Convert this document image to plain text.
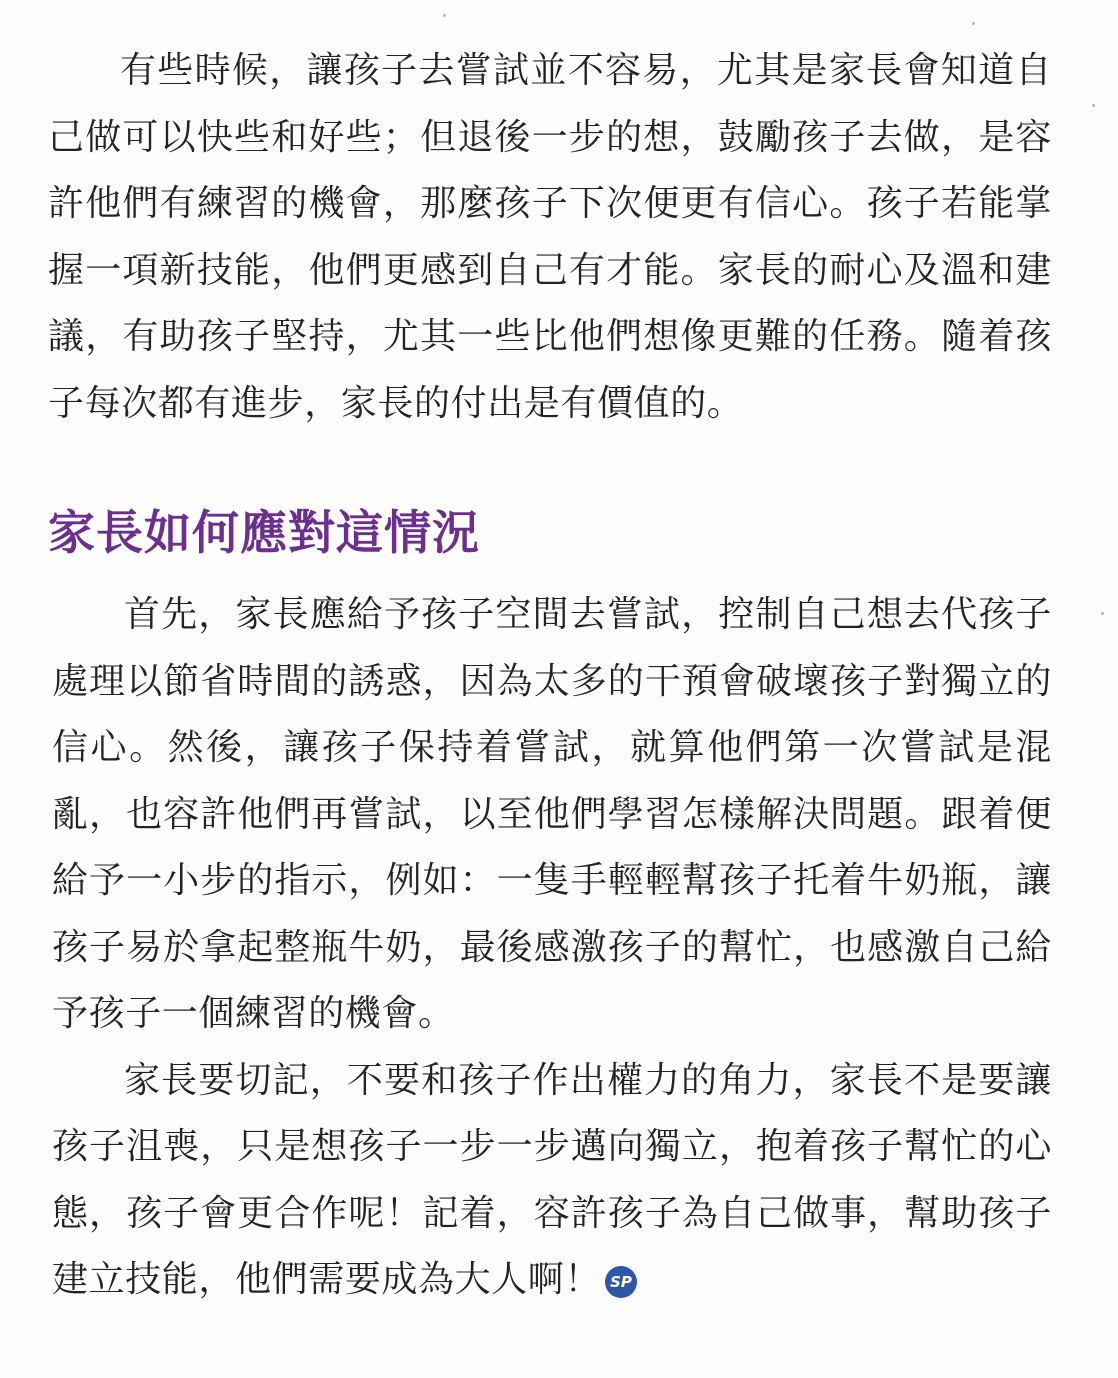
有些時候，讓孩子去嘗試並不容易，尤其是家長會知道自己做可以快些和好些；但退後一步的想，鼓勵孩子去做，是容許他們有練習的機會，那麼孩子下次便更有信心。孩子若能掌握一項新技能，他們更感到自己有才能。家長的耐心及溫和建議，有助孩子堅持，尤其一些比他們想像更難的任務。隨着孩子每次都有進步，家長的付出是有價值的。

家長如何應對這情況

首先，家長應給予孩子空間去嘗試，控制自己想去代孩子處理以節省時間的誘惑，因為太多的干預會破壞孩子對獨立的信心。然後，讓孩子保持着嘗試，就算他們第一次嘗試是混亂，也容許他們再嘗試，以至他們學習怎樣解決問題。跟着便給予一小步的指示，例如：一隻手輕輕幫孩子托着牛奶瓶，讓孩子易於拿起整瓶牛奶，最後感激孩子的幫忙，也感激自己給予孩子一個練習的機會。

家長要切記，不要和孩子作出權力的角力，家長不是要讓孩子沮喪，只是想孩子一步一步邁向獨立，抱着孩子幫忙的心態，孩子會更合作呢！記着，容許孩子為自己做事，幫助孩子建立技能，他們需要成為大人啊！ SP
